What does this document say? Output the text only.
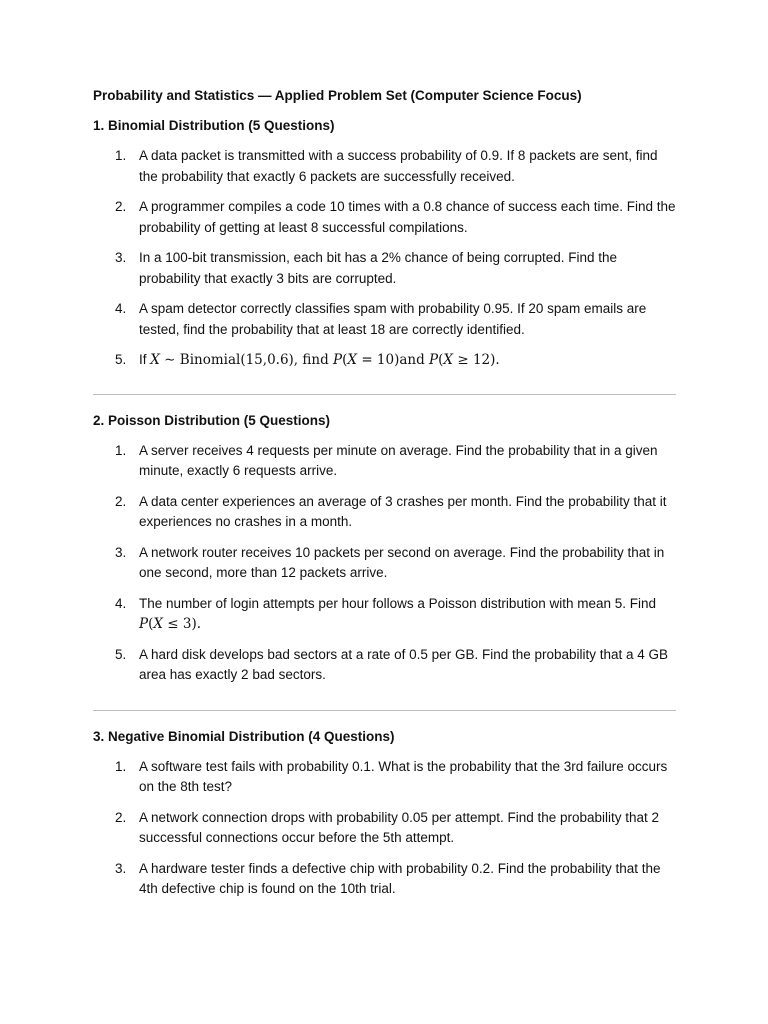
Probability and Statistics — Applied Problem Set (Computer Science Focus)

1. Binomial Distribution (5 Questions)

1. A data packet is transmitted with a success probability of 0.9. If 8 packets are sent, find the probability that exactly 6 packets are successfully received.
2. A programmer compiles a code 10 times with a 0.8 chance of success each time. Find the probability of getting at least 8 successful compilations.
3. In a 100-bit transmission, each bit has a 2% chance of being corrupted. Find the probability that exactly 3 bits are corrupted.
4. A spam detector correctly classifies spam with probability 0.95. If 20 spam emails are tested, find the probability that at least 18 are correctly identified.
5. If X ∼ Binomial(15,0.6), find P(X = 10)and P(X ≥ 12).

2. Poisson Distribution (5 Questions)

1. A server receives 4 requests per minute on average. Find the probability that in a given minute, exactly 6 requests arrive.
2. A data center experiences an average of 3 crashes per month. Find the probability that it experiences no crashes in a month.
3. A network router receives 10 packets per second on average. Find the probability that in one second, more than 12 packets arrive.
4. The number of login attempts per hour follows a Poisson distribution with mean 5. Find P(X ≤ 3).
5. A hard disk develops bad sectors at a rate of 0.5 per GB. Find the probability that a 4 GB area has exactly 2 bad sectors.

3. Negative Binomial Distribution (4 Questions)

1. A software test fails with probability 0.1. What is the probability that the 3rd failure occurs on the 8th test?
2. A network connection drops with probability 0.05 per attempt. Find the probability that 2 successful connections occur before the 5th attempt.
3. A hardware tester finds a defective chip with probability 0.2. Find the probability that the 4th defective chip is found on the 10th trial.
